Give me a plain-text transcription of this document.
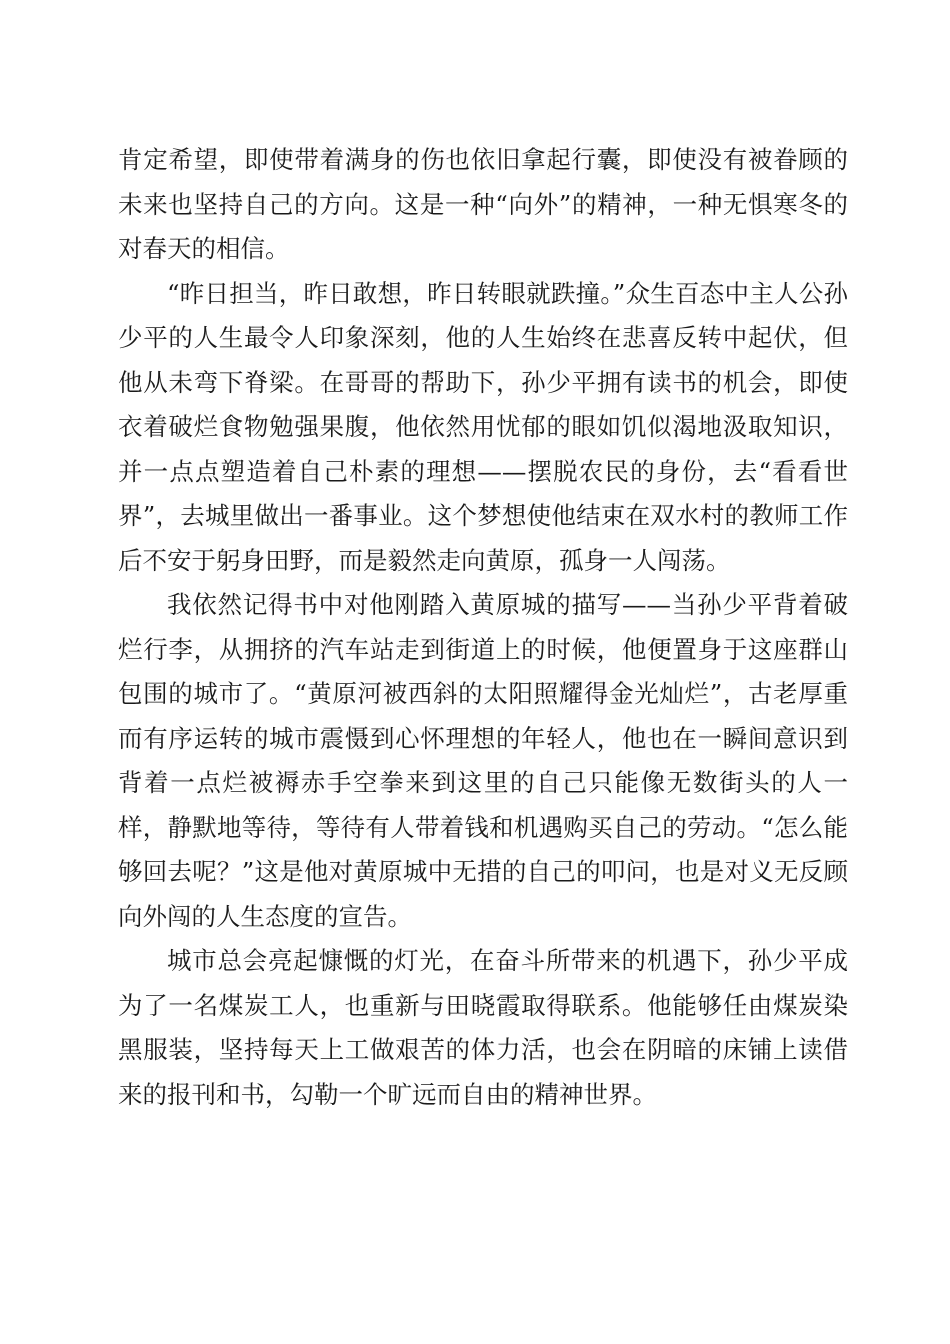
肯定希望，即使带着满身的伤也依旧拿起行囊，即使没有被眷顾的未来也坚持自己的方向。这是一种“向外”的精神，一种无惧寒冬的对春天的相信。

“昨日担当，昨日敢想，昨日转眼就跌撞。”众生百态中主人公孙少平的人生最令人印象深刻，他的人生始终在悲喜反转中起伏，但他从未弯下脊梁。在哥哥的帮助下，孙少平拥有读书的机会，即使衣着破烂食物勉强果腹，他依然用忧郁的眼如饥似渴地汲取知识，并一点点塑造着自己朴素的理想——摆脱农民的身份，去“看看世界”，去城里做出一番事业。这个梦想使他结束在双水村的教师工作后不安于躬身田野，而是毅然走向黄原，孤身一人闯荡。

我依然记得书中对他刚踏入黄原城的描写——当孙少平背着破烂行李，从拥挤的汽车站走到街道上的时候，他便置身于这座群山包围的城市了。“黄原河被西斜的太阳照耀得金光灿烂”，古老厚重而有序运转的城市震慑到心怀理想的年轻人，他也在一瞬间意识到背着一点烂被褥赤手空拳来到这里的自己只能像无数街头的人一样，静默地等待，等待有人带着钱和机遇购买自己的劳动。“怎么能够回去呢？”这是他对黄原城中无措的自己的叩问，也是对义无反顾向外闯的人生态度的宣告。

城市总会亮起慷慨的灯光，在奋斗所带来的机遇下，孙少平成为了一名煤炭工人，也重新与田晓霞取得联系。他能够任由煤炭染黑服装，坚持每天上工做艰苦的体力活，也会在阴暗的床铺上读借来的报刊和书，勾勒一个旷远而自由的精神世界。
